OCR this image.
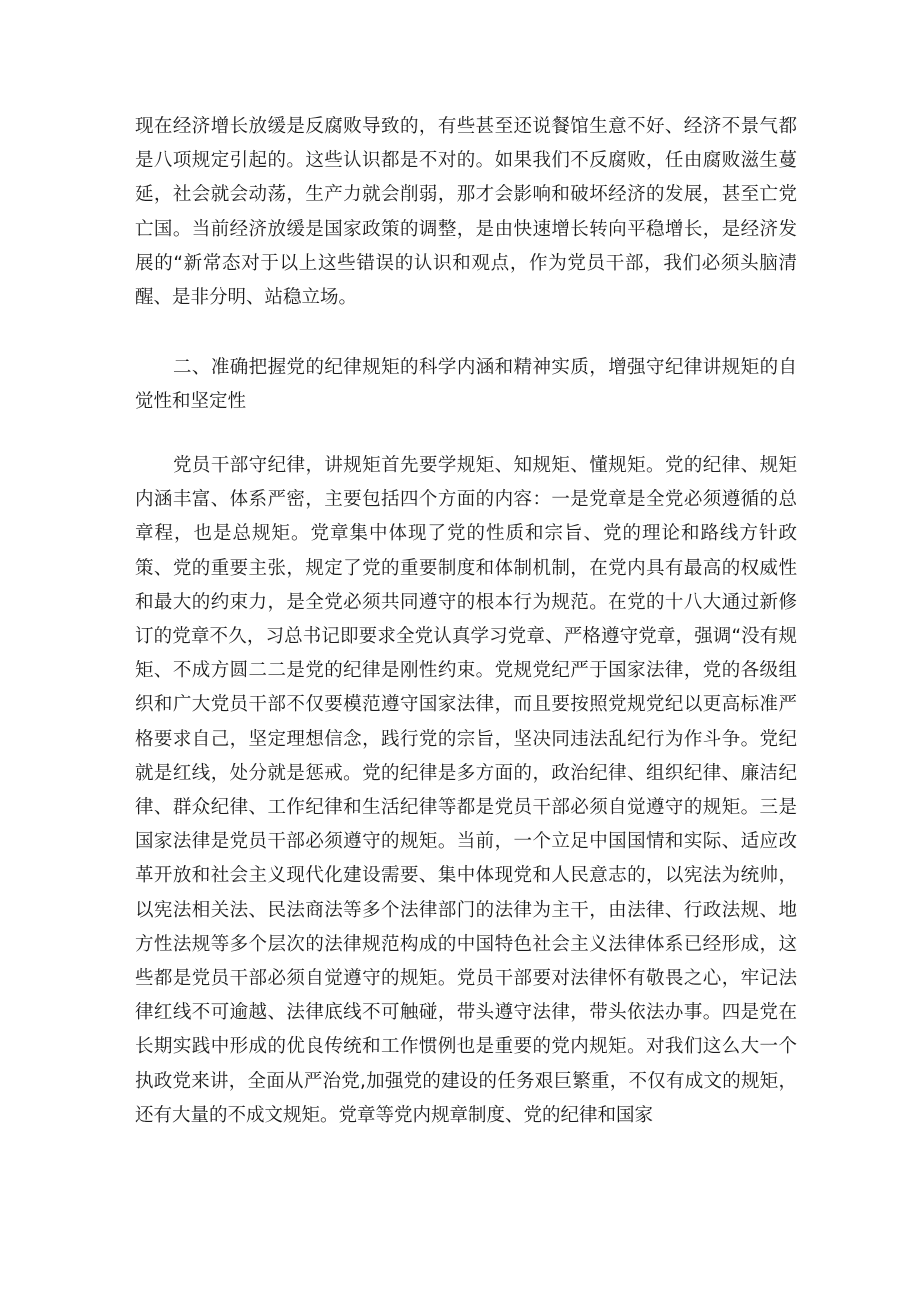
现在经济增长放缓是反腐败导致的，有些甚至还说餐馆生意不好、经济不景气都是八项规定引起的。这些认识都是不对的。如果我们不反腐败，任由腐败滋生蔓延，社会就会动荡，生产力就会削弱，那才会影响和破坏经济的发展，甚至亡党亡国。当前经济放缓是国家政策的调整，是由快速增长转向平稳增长，是经济发展的“新常态对于以上这些错误的认识和观点，作为党员干部，我们必须头脑清醒、是非分明、站稳立场。

二、准确把握党的纪律规矩的科学内涵和精神实质，增强守纪律讲规矩的自觉性和坚定性

党员干部守纪律，讲规矩首先要学规矩、知规矩、懂规矩。党的纪律、规矩内涵丰富、体系严密，主要包括四个方面的内容：一是党章是全党必须遵循的总章程，也是总规矩。党章集中体现了党的性质和宗旨、党的理论和路线方针政策、党的重要主张，规定了党的重要制度和体制机制，在党内具有最高的权威性和最大的约束力，是全党必须共同遵守的根本行为规范。在党的十八大通过新修订的党章不久，习总书记即要求全党认真学习党章、严格遵守党章，强调“没有规矩、不成方圆二二是党的纪律是刚性约束。党规党纪严于国家法律，党的各级组织和广大党员干部不仅要模范遵守国家法律，而且要按照党规党纪以更高标准严格要求自己，坚定理想信念，践行党的宗旨，坚决同违法乱纪行为作斗争。党纪就是红线，处分就是惩戒。党的纪律是多方面的，政治纪律、组织纪律、廉洁纪律、群众纪律、工作纪律和生活纪律等都是党员干部必须自觉遵守的规矩。三是国家法律是党员干部必须遵守的规矩。当前，一个立足中国国情和实际、适应改革开放和社会主义现代化建设需要、集中体现党和人民意志的，以宪法为统帅，以宪法相关法、民法商法等多个法律部门的法律为主干，由法律、行政法规、地方性法规等多个层次的法律规范构成的中国特色社会主义法律体系已经形成，这些都是党员干部必须自觉遵守的规矩。党员干部要对法律怀有敬畏之心，牢记法律红线不可逾越、法律底线不可触碰，带头遵守法律，带头依法办事。四是党在长期实践中形成的优良传统和工作惯例也是重要的党内规矩。对我们这么大一个执政党来讲，全面从严治党,加强党的建设的任务艰巨繁重，不仅有成文的规矩，还有大量的不成文规矩。党章等党内规章制度、党的纪律和国家
